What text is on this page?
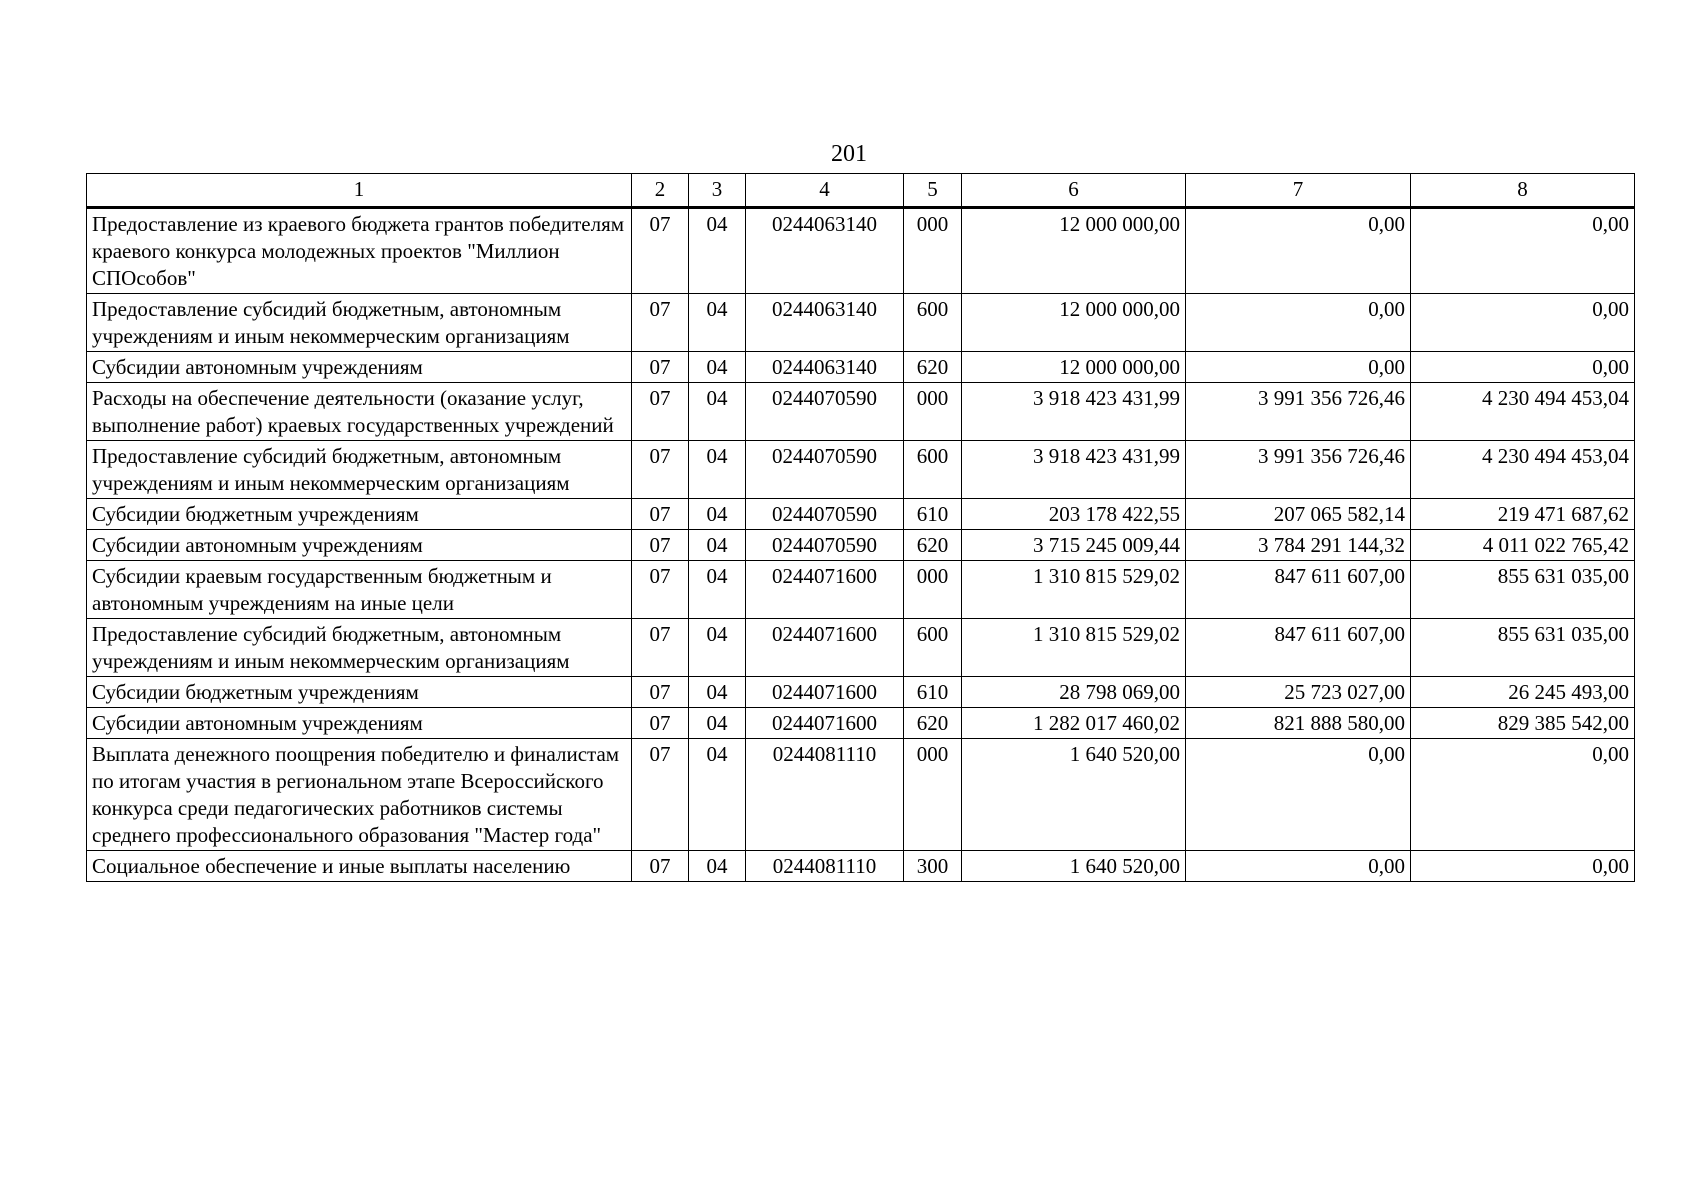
201
1	2	3	4	5	6	7	8
Предоставление из краевого бюджета грантов победителям краевого конкурса молодежных проектов "Миллион СПОсобов"	07	04	0244063140	000	12 000 000,00	0,00	0,00
Предоставление субсидий бюджетным, автономным учреждениям и иным некоммерческим организациям	07	04	0244063140	600	12 000 000,00	0,00	0,00
Субсидии автономным учреждениям	07	04	0244063140	620	12 000 000,00	0,00	0,00
Расходы на обеспечение деятельности (оказание услуг, выполнение работ) краевых государственных учреждений	07	04	0244070590	000	3 918 423 431,99	3 991 356 726,46	4 230 494 453,04
Предоставление субсидий бюджетным, автономным учреждениям и иным некоммерческим организациям	07	04	0244070590	600	3 918 423 431,99	3 991 356 726,46	4 230 494 453,04
Субсидии бюджетным учреждениям	07	04	0244070590	610	203 178 422,55	207 065 582,14	219 471 687,62
Субсидии автономным учреждениям	07	04	0244070590	620	3 715 245 009,44	3 784 291 144,32	4 011 022 765,42
Субсидии краевым государственным бюджетным и автономным учреждениям на иные цели	07	04	0244071600	000	1 310 815 529,02	847 611 607,00	855 631 035,00
Предоставление субсидий бюджетным, автономным учреждениям и иным некоммерческим организациям	07	04	0244071600	600	1 310 815 529,02	847 611 607,00	855 631 035,00
Субсидии бюджетным учреждениям	07	04	0244071600	610	28 798 069,00	25 723 027,00	26 245 493,00
Субсидии автономным учреждениям	07	04	0244071600	620	1 282 017 460,02	821 888 580,00	829 385 542,00
Выплата денежного поощрения победителю и финалистам по итогам участия в региональном этапе Всероссийского конкурса среди педагогических работников системы среднего профессионального образования "Мастер года"	07	04	0244081110	000	1 640 520,00	0,00	0,00
Социальное обеспечение и иные выплаты населению	07	04	0244081110	300	1 640 520,00	0,00	0,00
